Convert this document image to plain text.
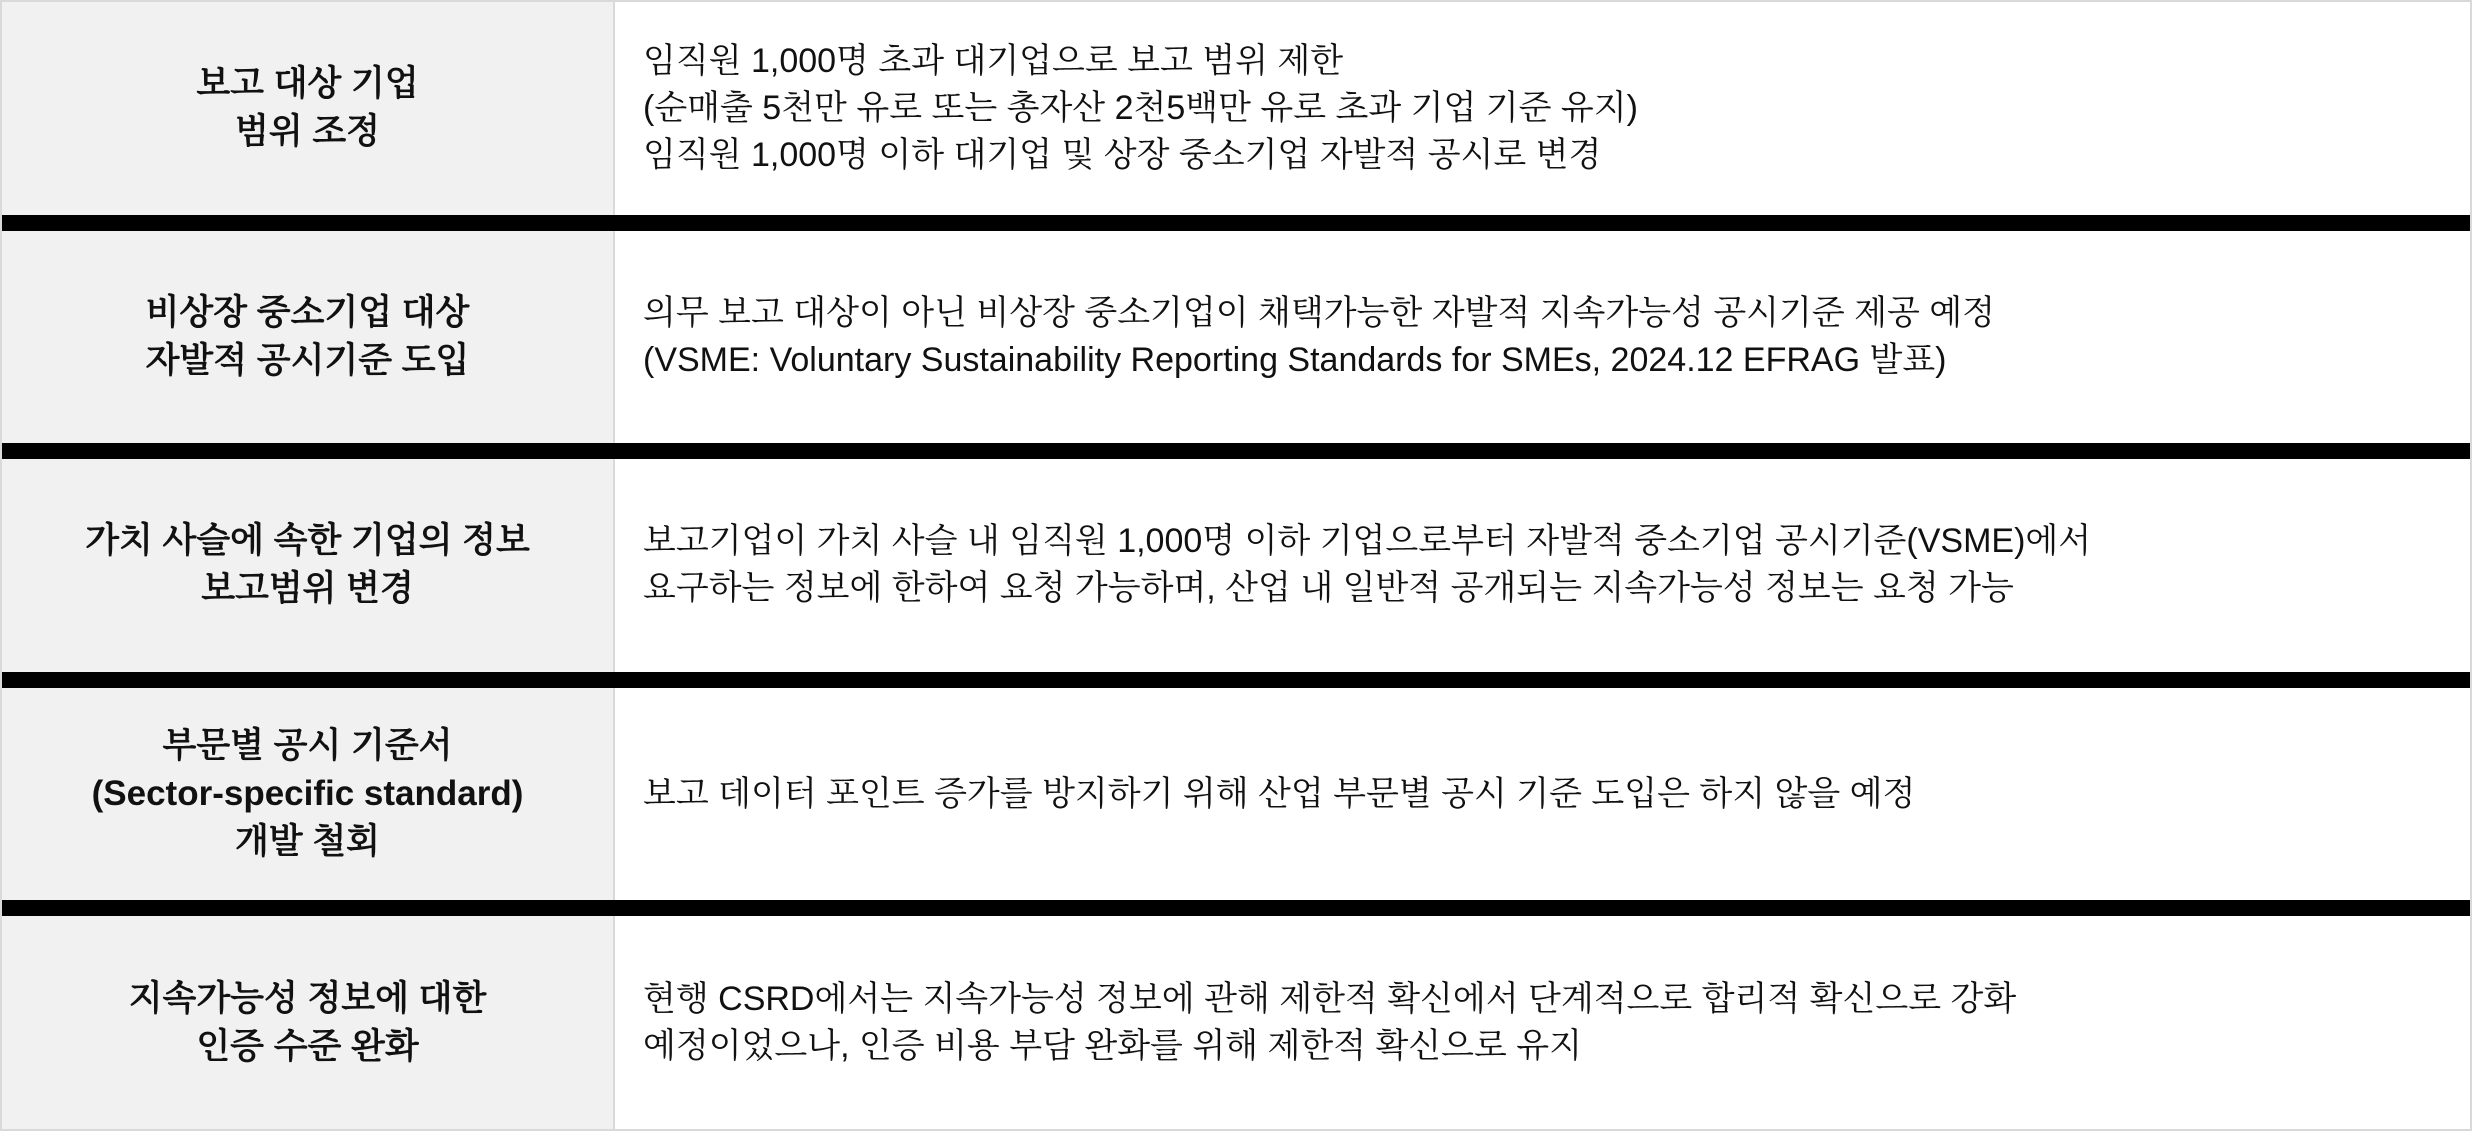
보고 대상 기업
범위 조정
임직원 1,000명 초과 대기업으로 보고 범위 제한
(순매출 5천만 유로 또는 총자산 2천5백만 유로 초과 기업 기준 유지)
임직원 1,000명 이하 대기업 및 상장 중소기업 자발적 공시로 변경
비상장 중소기업 대상
자발적 공시기준 도입
의무 보고 대상이 아닌 비상장 중소기업이 채택가능한 자발적 지속가능성 공시기준 제공 예정
(VSME: Voluntary Sustainability Reporting Standards for SMEs, 2024.12 EFRAG 발표)
가치 사슬에 속한 기업의 정보
보고범위 변경
보고기업이 가치 사슬 내 임직원 1,000명 이하 기업으로부터 자발적 중소기업 공시기준(VSME)에서
요구하는 정보에 한하여 요청 가능하며, 산업 내 일반적 공개되는 지속가능성 정보는 요청 가능
부문별 공시 기준서
(Sector-specific standard)
개발 철회
보고 데이터 포인트 증가를 방지하기 위해 산업 부문별 공시 기준 도입은 하지 않을 예정
지속가능성 정보에 대한
인증 수준 완화
현행 CSRD에서는 지속가능성 정보에 관해 제한적 확신에서 단계적으로 합리적 확신으로 강화
예정이었으나, 인증 비용 부담 완화를 위해 제한적 확신으로 유지
